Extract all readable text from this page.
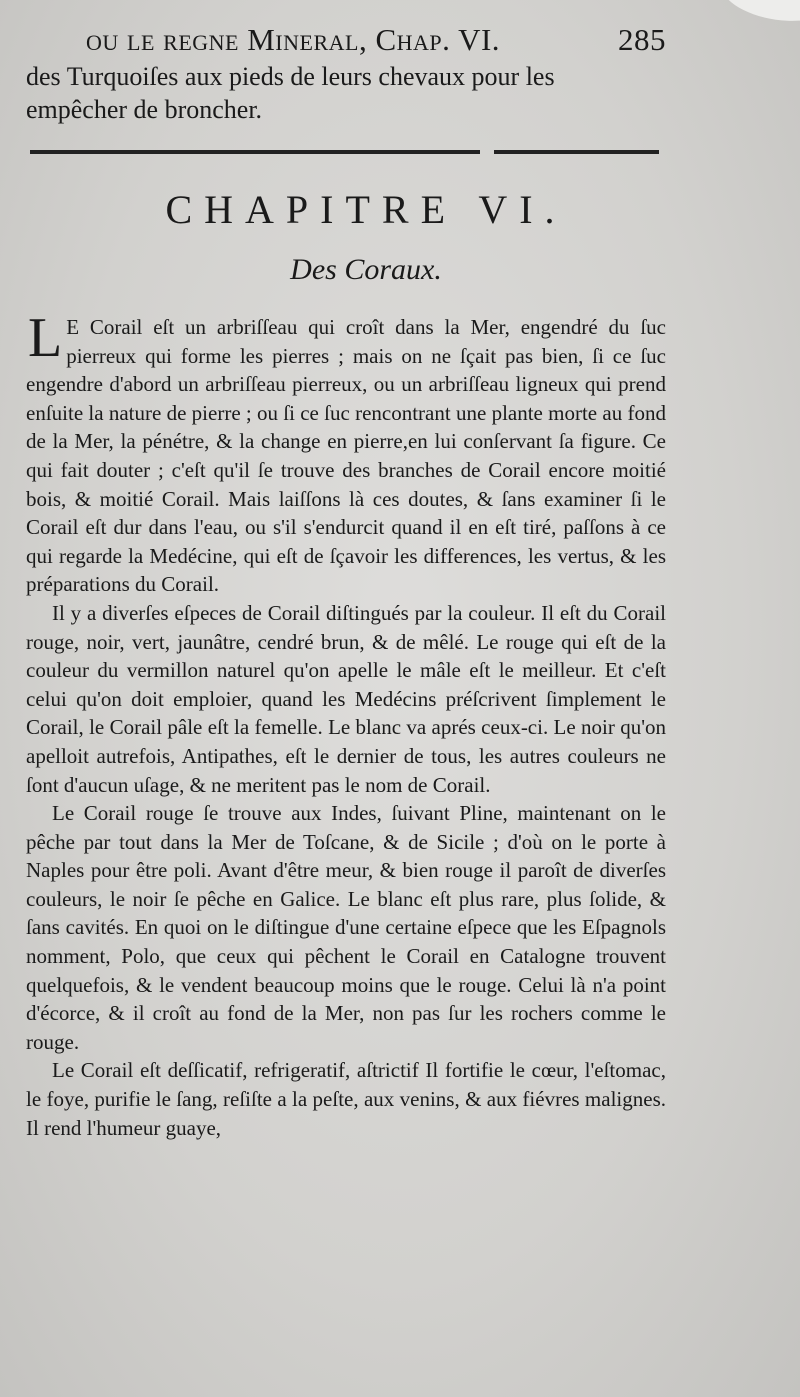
ou le regne Mineral, Chap. VI.	285
des Turquoiſes aux pieds de leurs chevaux pour les
empêcher de broncher.
CHAPITRE VI.
Des Coraux.

L E Corail eſt un arbriſſeau qui croît dans la Mer, engendré du ſuc pierreux qui forme les pierres ; mais on ne ſçait pas bien, ſi ce ſuc engendre d'abord un arbriſſeau pierreux, ou un arbriſſeau ligneux qui prend enſuite la nature de pierre ; ou ſi ce ſuc rencontrant une plante morte au fond de la Mer, la pénétre, & la change en pierre,en lui conſervant ſa figure. Ce qui fait douter ; c'eſt qu'il ſe trouve des branches de Corail encore moitié bois, & moitié Corail. Mais laiſſons là ces doutes, & ſans examiner ſi le Corail eſt dur dans l'eau, ou s'il s'endurcit quand il en eſt tiré, paſſons à ce qui regarde la Medécine, qui eſt de ſçavoir les differences, les vertus, & les préparations du Corail.

Il y a diverſes eſpeces de Corail diſtingués par la couleur. Il eſt du Corail rouge, noir, vert, jaunâtre, cendré brun, & de mêlé. Le rouge qui eſt de la couleur du vermillon naturel qu'on apelle le mâle eſt le meilleur. Et c'eſt celui qu'on doit emploier, quand les Medécins préſcrivent ſimplement le Corail, le Corail pâle eſt la femelle. Le blanc va aprés ceux-ci. Le noir qu'on apelloit autrefois, Antipathes, eſt le dernier de tous, les autres couleurs ne ſont d'aucun uſage, & ne meritent pas le nom de Corail.

Le Corail rouge ſe trouve aux Indes, ſuivant Pline, maintenant on le pêche par tout dans la Mer de Toſcane, & de Sicile ; d'où on le porte à Naples pour être poli. Avant d'être meur, & bien rouge il paroît de diverſes couleurs, le noir ſe pêche en Galice. Le blanc eſt plus rare, plus ſolide, & ſans cavités. En quoi on le diſtingue d'une certaine eſpece que les Eſpagnols nomment, Polo, que ceux qui pêchent le Corail en Catalogne trouvent quelquefois, & le vendent beaucoup moins que le rouge. Celui là n'a point d'écorce, & il croît au fond de la Mer, non pas ſur les rochers comme le rouge.

Le Corail eſt deſſicatif, refrigeratif, aſtrictif Il fortifie le cœur, l'eſtomac, le foye, purifie le ſang, reſiſte a la peſte, aux venins, & aux fiévres malignes. Il rend l'humeur guaye,
